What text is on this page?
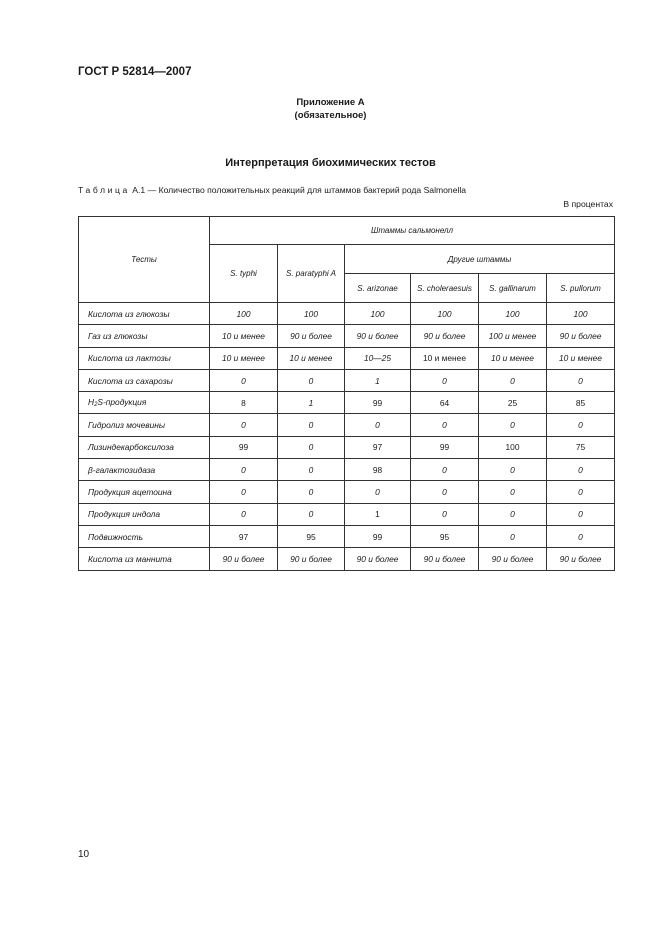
ГОСТ Р 52814—2007
Приложение А
(обязательное)
Интерпретация биохимических тестов
Таблица А.1 — Количество положительных реакций для штаммов бактерий рода Salmonella
В процентах
Тесты	Штаммы сальмонелл					
	S. typhi	S. paratyphi A	Другие штаммы			
			S. arizonae	S. choleraesuis	S. gallinarum	S. pullorum
Кислота из глюкозы	100	100	100	100	100	100
Газ из глюкозы	10 и менее	90 и более	90 и более	90 и более	100 и менее	90 и более
Кислота из лактозы	10 и менее	10 и менее	10—25	10 и менее	10 и менее	10 и менее
Кислота из сахарозы	0	0	1	0	0	0
H2S-продукция	8	1	99	64	25	85
Гидролиз мочевины	0	0	0	0	0	0
Лизиндекарбоксилоза	99	0	97	99	100	75
β-галактозидаза	0	0	98	0	0	0
Продукция ацетоина	0	0	0	0	0	0
Продукция индола	0	0	1	0	0	0
Подвижность	97	95	99	95	0	0
Кислота из маннита	90 и более	90 и более	90 и более	90 и более	90 и более	90 и более
10
